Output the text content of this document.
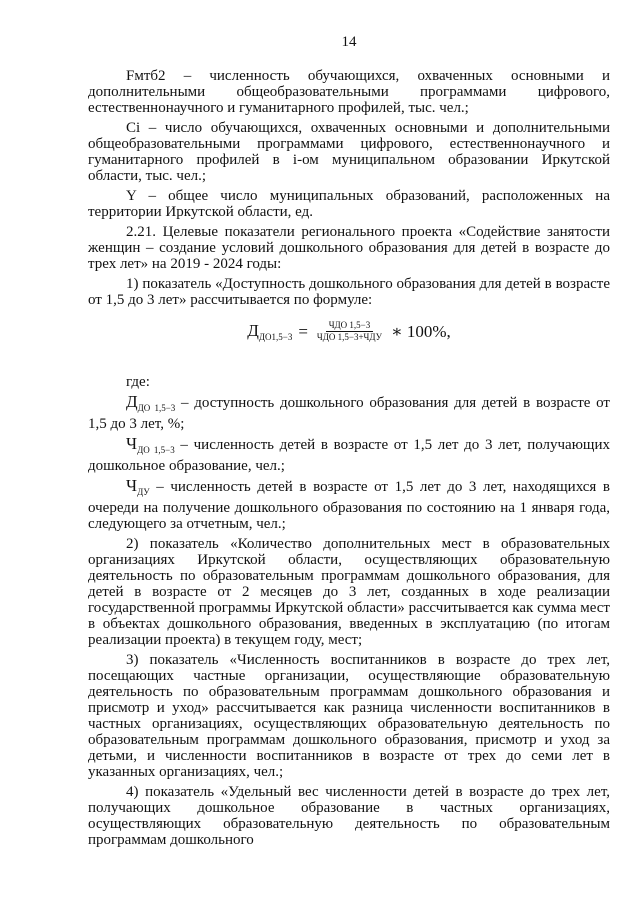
14

Fмтб2 – численность обучающихся, охваченных основными и дополнительными общеобразовательными программами цифрового, естественнонаучного и гуманитарного профилей, тыс. чел.;

Ci – число обучающихся, охваченных основными и дополнительными общеобразовательными программами цифрового, естественнонаучного и гуманитарного профилей в i-ом муниципальном образовании Иркутской области, тыс. чел.;

Y – общее число муниципальных образований, расположенных на территории Иркутской области, ед.

2.21. Целевые показатели регионального проекта «Содействие занятости женщин – создание условий дошкольного образования для детей в возрасте до трех лет» на 2019 - 2024 годы:

1) показатель «Доступность дошкольного образования для детей в возрасте от 1,5 до 3 лет» рассчитывается по формуле:

$Д_{ДО1,5-3} = \frac{Ч​ДО 1,5-3}{\text{ЧДО 1,5−3+ЧДУ}}$ ∗ 100%,

где:

$Д_{ДО 1,5-3}$ – доступность дошкольного образования для детей в возрасте от 1,5 до 3 лет, %;

$Ч_{ДО 1,5-3}$ – численность детей в возрасте от 1,5 лет до 3 лет, получающих дошкольное образование, чел.;

$Ч_{ДУ}$ – численность детей в возрасте от 1,5 лет до 3 лет, находящихся в очереди на получение дошкольного образования по состоянию на 1 января года, следующего за отчетным, чел.;

2) показатель «Количество дополнительных мест в образовательных организациях Иркутской области, осуществляющих образовательную деятельность по образовательным программам дошкольного образования, для детей в возрасте от 2 месяцев до 3 лет, созданных в ходе реализации государственной программы Иркутской области» рассчитывается как сумма мест в объектах дошкольного образования, введенных в эксплуатацию (по итогам реализации проекта) в текущем году, мест;

3) показатель «Численность воспитанников в возрасте до трех лет, посещающих частные организации, осуществляющие образовательную деятельность по образовательным программам дошкольного образования и присмотр и уход» рассчитывается как разница численности воспитанников в частных организациях, осуществляющих образовательную деятельность по образовательным программам дошкольного образования, присмотр и уход за детьми, и численности воспитанников в возрасте от трех до семи лет в указанных организациях, чел.;

4) показатель «Удельный вес численности детей в возрасте до трех лет, получающих дошкольное образование в частных организациях, осуществляющих образовательную деятельность по образовательным программам дошкольного
